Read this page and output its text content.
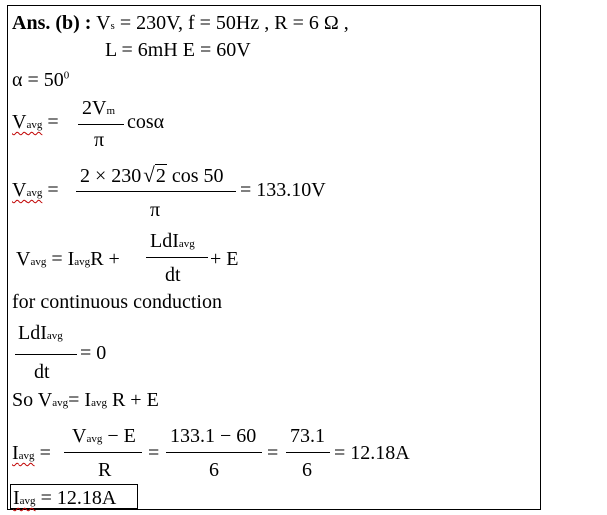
Ans. (b) : Vs = 230V, f = 50Hz , R = 6 Ω ,
L = 6mH E = 60V
$\alpha = 50^0$
Vavg =
2Vm
π
cosα
Vavg =
2 × 230√2 cos 50
π
= 133.10V
Vavg = IavgR +
LdIavg
dt
+ E
for continuous conduction
LdIavg
dt
= 0
So Vavg= Iavg R + E
Iavg =
Vavg − E
R
=
133.1 − 60
6
=
73.1
6
= 12.18A
Iavg = 12.18A
